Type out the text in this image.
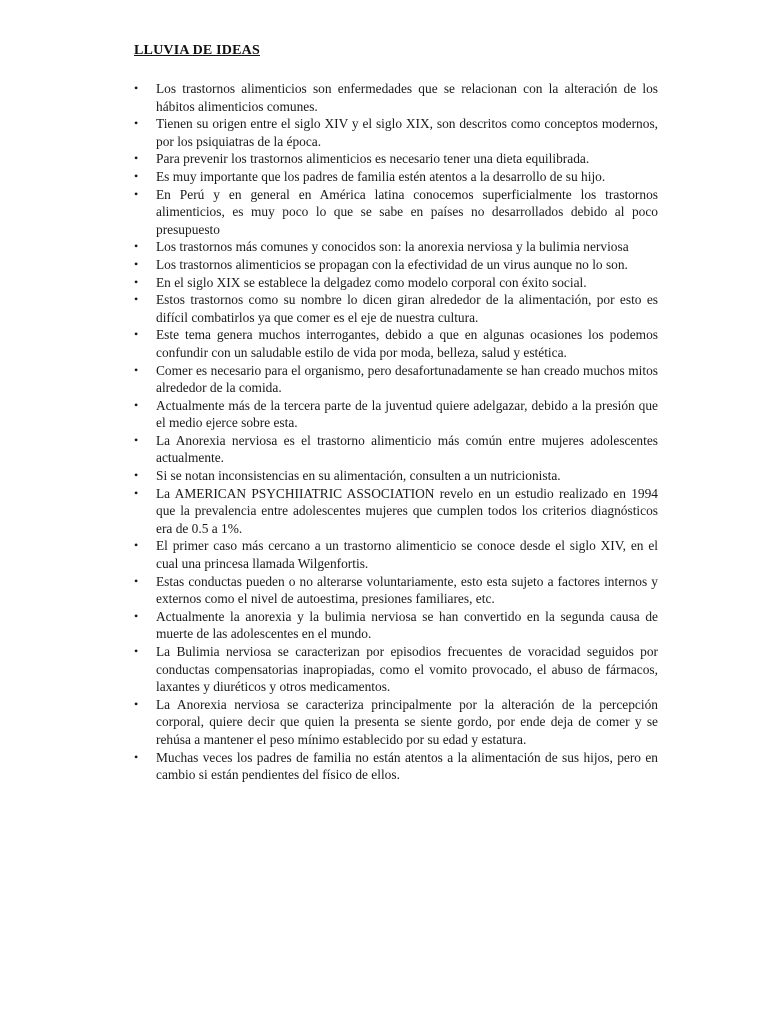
LLUVIA DE IDEAS
•	Los trastornos alimenticios son enfermedades que se relacionan con la alteración de los hábitos alimenticios comunes.
•	Tienen su origen entre el siglo XIV y el siglo XIX, son descritos como conceptos modernos, por los psiquiatras de la época.
•	Para prevenir los trastornos alimenticios es necesario tener una dieta equilibrada.
•	Es muy importante que los padres de familia estén atentos a la desarrollo de su hijo.
•	En Perú y en general en América latina conocemos superficialmente los trastornos alimenticios, es muy poco lo que se sabe en países no desarrollados debido al poco presupuesto
•	Los trastornos más comunes y conocidos son: la anorexia nerviosa y la bulimia nerviosa
•	Los trastornos alimenticios se propagan con la efectividad de un virus aunque no lo son.
•	En el siglo XIX se establece la delgadez como modelo corporal con éxito social.
•	Estos trastornos como su nombre lo dicen giran alrededor de la alimentación, por esto es difícil combatirlos ya que comer es el eje de nuestra cultura.
•	Este tema genera muchos interrogantes, debido a que en algunas ocasiones los podemos confundir con un saludable estilo de vida por moda, belleza, salud y estética.
•	Comer es necesario para el organismo, pero desafortunadamente se han creado muchos mitos alrededor de la comida.
•	Actualmente más de la tercera parte de la juventud quiere adelgazar, debido a la presión que el medio ejerce sobre esta.
•	La Anorexia nerviosa es el trastorno alimenticio más común entre mujeres adolescentes actualmente.
•	Si se notan inconsistencias en su alimentación, consulten a un nutricionista.
•	La AMERICAN PSYCHIIATRIC ASSOCIATION revelo en un estudio realizado en 1994 que la prevalencia entre adolescentes mujeres que cumplen todos los criterios diagnósticos era de 0.5 a 1%.
•	El primer caso más cercano a un trastorno alimenticio se conoce desde el siglo XIV, en el cual una princesa llamada Wilgenfortis.
•	Estas conductas pueden o no alterarse voluntariamente, esto esta sujeto a factores internos y externos como el nivel de autoestima, presiones familiares, etc.
•	Actualmente la anorexia y la bulimia nerviosa se han convertido en la segunda causa de muerte de las adolescentes en el mundo.
•	La Bulimia nerviosa se caracterizan por episodios frecuentes de voracidad seguidos por conductas compensatorias inapropiadas, como el vomito provocado, el abuso de fármacos, laxantes y diuréticos y otros medicamentos.
•	La Anorexia nerviosa se caracteriza principalmente por la alteración de la percepción corporal, quiere decir que quien la presenta se siente gordo, por ende deja de comer y se rehúsa a mantener el peso mínimo establecido por su edad y estatura.
•	Muchas veces los padres de familia no están atentos a la alimentación de sus hijos, pero en cambio si están pendientes del físico de ellos.
